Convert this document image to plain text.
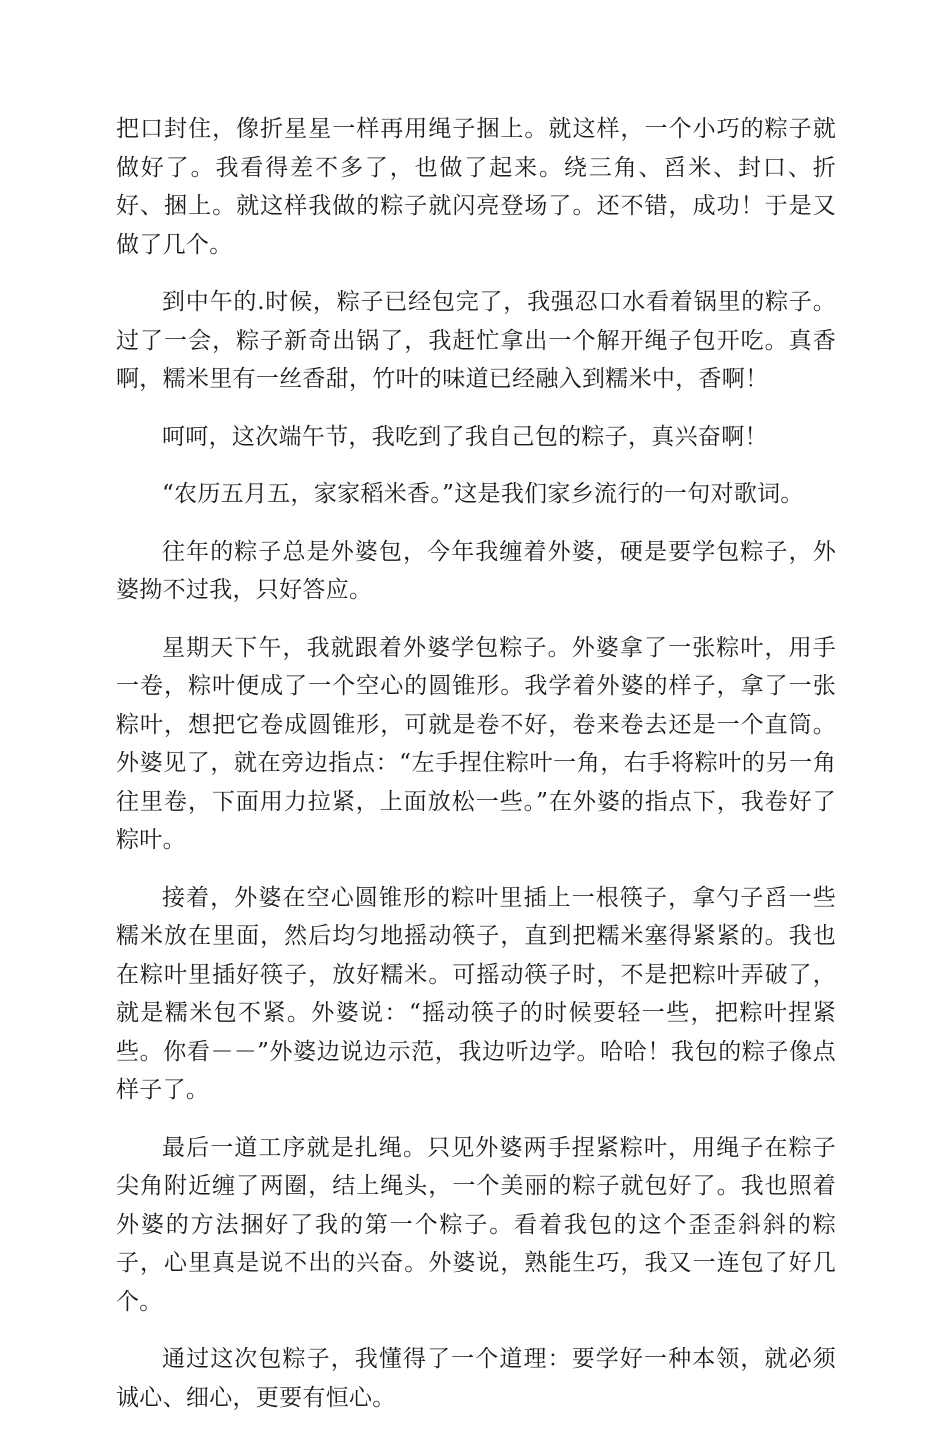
把口封住，像折星星一样再用绳子捆上。就这样，一个小巧的粽子就做好了。我看得差不多了，也做了起来。绕三角、舀米、封口、折好、捆上。就这样我做的粽子就闪亮登场了。还不错，成功！于是又做了几个。

到中午的.时候，粽子已经包完了，我强忍口水看着锅里的粽子。过了一会，粽子新奇出锅了，我赶忙拿出一个解开绳子包开吃。真香啊，糯米里有一丝香甜，竹叶的味道已经融入到糯米中，香啊！

呵呵，这次端午节，我吃到了我自己包的粽子，真兴奋啊！

“农历五月五，家家稻米香。”这是我们家乡流行的一句对歌词。

往年的粽子总是外婆包，今年我缠着外婆，硬是要学包粽子，外婆拗不过我，只好答应。

星期天下午，我就跟着外婆学包粽子。外婆拿了一张粽叶，用手一卷，粽叶便成了一个空心的圆锥形。我学着外婆的样子，拿了一张粽叶，想把它卷成圆锥形，可就是卷不好，卷来卷去还是一个直筒。外婆见了，就在旁边指点：“左手捏住粽叶一角，右手将粽叶的另一角往里卷，下面用力拉紧，上面放松一些。”在外婆的指点下，我卷好了粽叶。

接着，外婆在空心圆锥形的粽叶里插上一根筷子，拿勺子舀一些糯米放在里面，然后均匀地摇动筷子，直到把糯米塞得紧紧的。我也在粽叶里插好筷子，放好糯米。可摇动筷子时，不是把粽叶弄破了，就是糯米包不紧。外婆说：“摇动筷子的时候要轻一些，把粽叶捏紧些。你看－－”外婆边说边示范，我边听边学。哈哈！我包的粽子像点样子了。

最后一道工序就是扎绳。只见外婆两手捏紧粽叶，用绳子在粽子尖角附近缠了两圈，结上绳头，一个美丽的粽子就包好了。我也照着外婆的方法捆好了我的第一个粽子。看着我包的这个歪歪斜斜的粽子，心里真是说不出的兴奋。外婆说，熟能生巧，我又一连包了好几个。

通过这次包粽子，我懂得了一个道理：要学好一种本领，就必须诚心、细心，更要有恒心。
